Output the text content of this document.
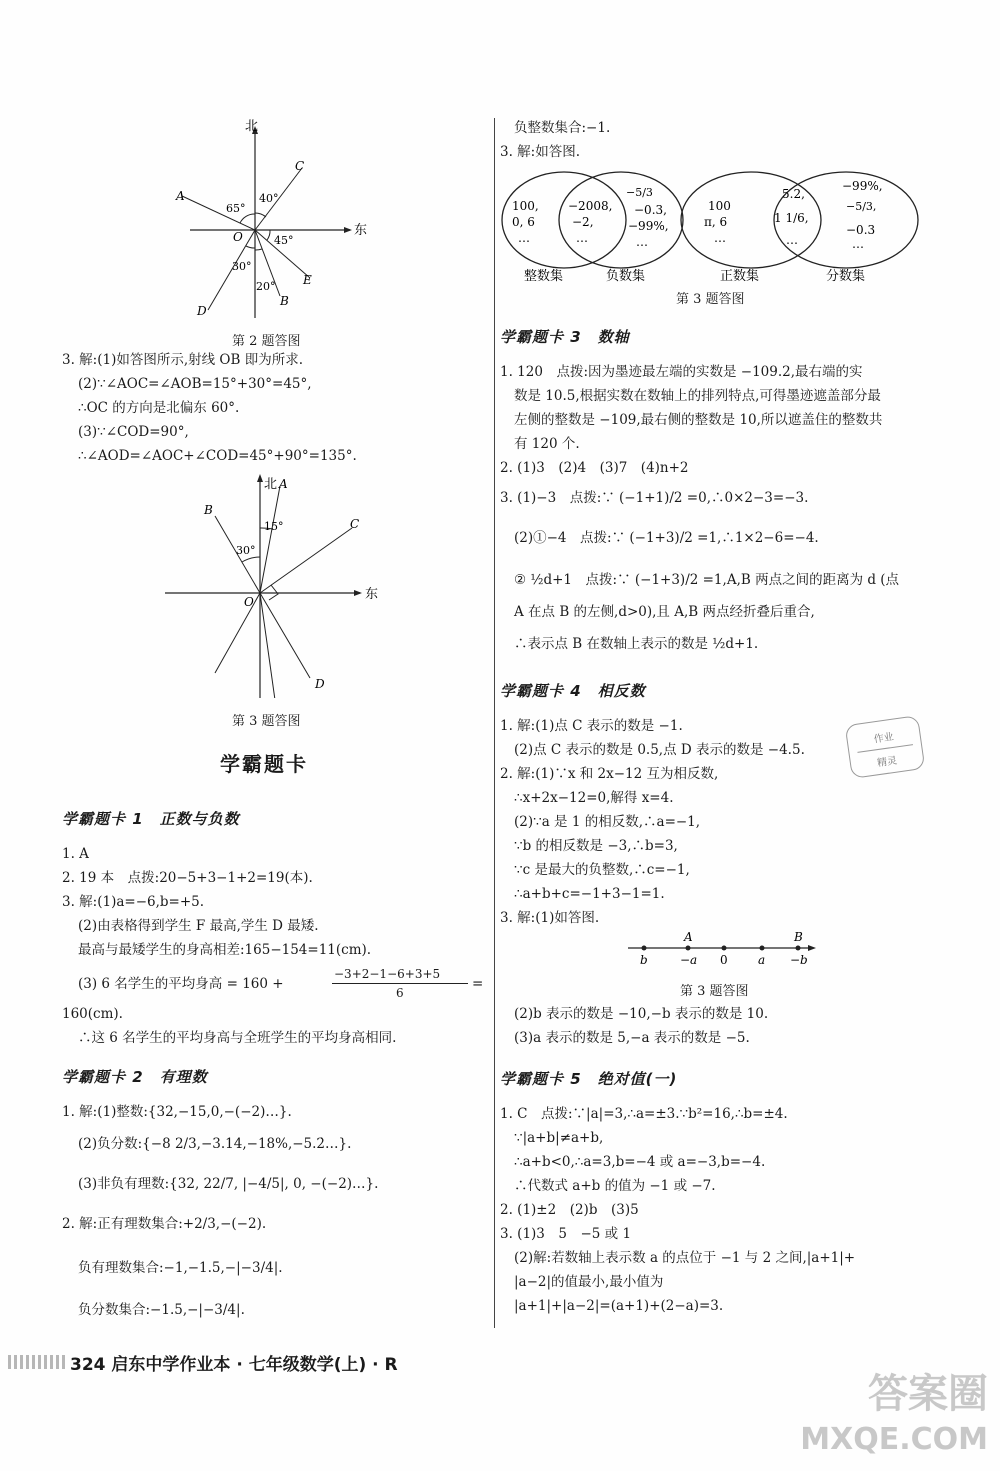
北
东
C
A
O
E
D
B
65°
40°
45°
30°
20°
第 2 题答图
3. 解:(1)如答图所示,射线 OB 即为所求.
(2)∵∠AOC=∠AOB=15°+30°=45°,
∴OC 的方向是北偏东 60°.
(3)∵∠COD=90°,
∴∠AOD=∠AOC+∠COD=45°+90°=135°.
北
东
A
B
C
O
D
15°
30°
第 3 题答图
学霸题卡
学霸题卡 1　正数与负数
1. A
2. 19 本　点拨:20−5+3−1+2=19(本).
3. 解:(1)a=−6,b=+5.
(2)由表格得到学生 F 最高,学生 D 最矮.
最高与最矮学生的身高相差:165−154=11(cm).
(3) 6 名学生的平均身高 = 160 +
−3+2−1−6+3+5
6
=
160(cm).
∴这 6 名学生的平均身高与全班学生的平均身高相同.
学霸题卡 2　有理数
1. 解:(1)整数:{32,−15,0,−(−2)…}.
(2)负分数:{−8 2/3,−3.14,−18%,−5.2̇…}.
(3)非负有理数:{32, 22/7, |−4/5|, 0, −(−2)…}.
2. 解:正有理数集合:+2/3,−(−2).
负有理数集合:−1,−1.5,−|−3/4|.
负分数集合:−1.5,−|−3/4|.
负整数集合:−1.
3. 解:如答图.
100,
0, 6
…
−2008,
−2,
…
−5/3
−0.3,
−99%,
…
100
π, 6
…
5.2,
1 1/6,
…
−99%,
−5/3,
−0.3
…
整数集	负数集	正数集	分数集
第 3 题答图
学霸题卡 3　数轴
1. 120　点拨:因为墨迹最左端的实数是 −109.2,最右端的实
数是 10.5,根据实数在数轴上的排列特点,可得墨迹遮盖部分最
左侧的整数是 −109,最右侧的整数是 10,所以遮盖住的整数共
有 120 个.
2. (1)3　(2)4　(3)7　(4)n+2
3. (1)−3　点拨:∵ (−1+1)/2 =0,∴0×2−3=−3.
(2)①−4　点拨:∵ (−1+3)/2 =1,∴1×2−6=−4.
② ½d+1　点拨:∵ (−1+3)/2 =1,A,B 两点之间的距离为 d (点
A 在点 B 的左侧,d>0),且 A,B 两点经折叠后重合,
∴表示点 B 在数轴上表示的数是 ½d+1.
学霸题卡 4　相反数
1. 解:(1)点 C 表示的数是 −1.
(2)点 C 表示的数是 0.5,点 D 表示的数是 −4.5.
2. 解:(1)∵x 和 2x−12 互为相反数,
∴x+2x−12=0,解得 x=4.
(2)∵a 是 1 的相反数,∴a=−1,
∵b 的相反数是 −3,∴b=3,
∵c 是最大的负整数,∴c=−1,
∴a+b+c=−1+3−1=1.
3. 解:(1)如答图.
A	B
b	−a 0	a −b
第 3 题答图
(2)b 表示的数是 −10,−b 表示的数是 10.
(3)a 表示的数是 5,−a 表示的数是 −5.
学霸题卡 5　绝对值(一)
1. C　点拨:∵|a|=3,∴a=±3.∵b²=16,∴b=±4.
∵|a+b|≠a+b,
∴a+b<0,∴a=3,b=−4 或 a=−3,b=−4.
∴代数式 a+b 的值为 −1 或 −7.
2. (1)±2　(2)b　(3)5
3. (1)3　5　−5 或 1
(2)解:若数轴上表示数 a 的点位于 −1 与 2 之间,|a+1|+
|a−2|的值最小,最小值为
|a+1|+|a−2|=(a+1)+(2−a)=3.
作业
精灵
324 启东中学作业本 · 七年级数学(上) · R
答案圈
MXQE.COM
